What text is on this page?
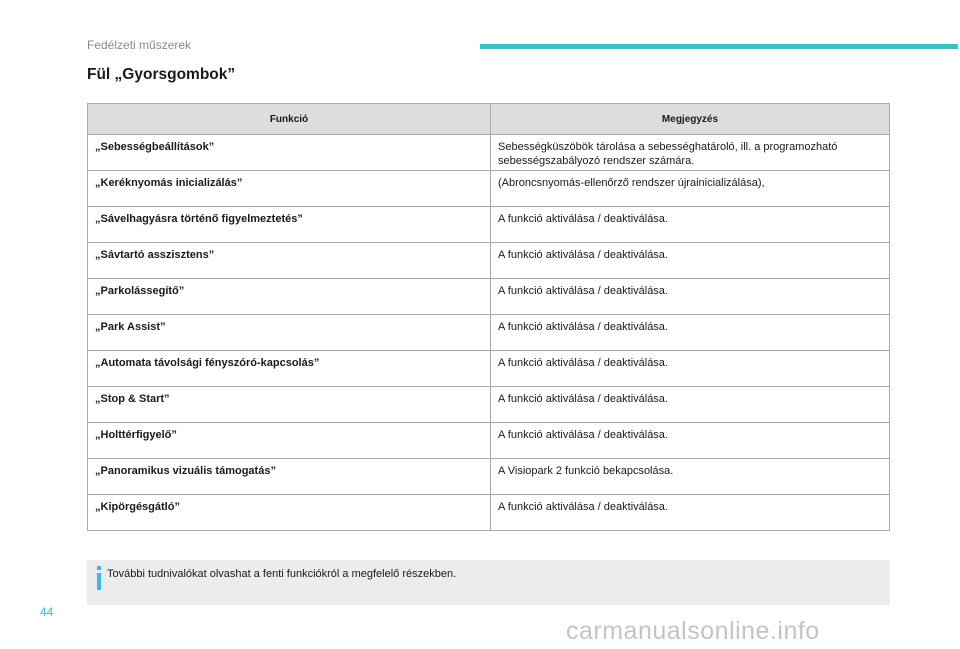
Fedélzeti műszerek
Fül „Gyorsgombok”
Funkció	Megjegyzés
„Sebességbeállítások”	Sebességküszöbök tárolása a sebességhatároló, ill. a programozható sebességszabályozó rendszer számára.
„Keréknyomás inicializálás”	(Abroncsnyomás-ellenőrző rendszer újrainicializálása),
„Sávelhagyásra történő figyelmeztetés”	A funkció aktiválása / deaktiválása.
„Sávtartó asszisztens”	A funkció aktiválása / deaktiválása.
„Parkolássegítő”	A funkció aktiválása / deaktiválása.
„Park Assist”	A funkció aktiválása / deaktiválása.
„Automata távolsági fényszóró-kapcsolás”	A funkció aktiválása / deaktiválása.
„Stop & Start”	A funkció aktiválása / deaktiválása.
„Holttérfigyelő”	A funkció aktiválása / deaktiválása.
„Panoramikus vizuális támogatás”	A Visiopark 2 funkció bekapcsolása.
„Kipörgésgátló”	A funkció aktiválása / deaktiválása.
További tudnivalókat olvashat a fenti funkciókról a megfelelő részekben.
44
carmanualsonline.info
